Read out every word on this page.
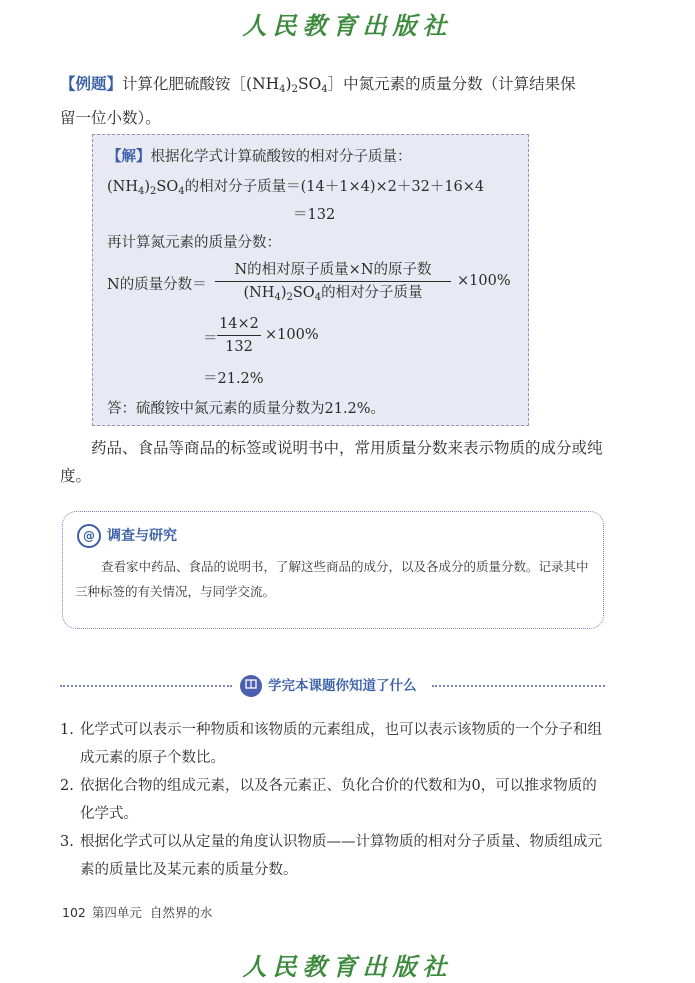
人民教育出版社
【例题】计算化肥硫酸铵$[(NH_4)_2SO_4]$中氮元素的质量分数（计算结果保
留一位小数）。
【解】根据化学式计算硫酸铵的相对分子质量：
$(NH_4)_2SO_4$的相对分子质量＝(14＋1×4)×2＋32＋16×4
＝132
再计算氮元素的质量分数：
N的质量分数＝
N的相对原子质量×N的原子数
$(NH_4)_2SO_4$的相对分子质量
×100%
＝
14×2
132
×100%
＝21.2%
答：硫酸铵中氮元素的质量分数为21.2%。
药品、食品等商品的标签或说明书中，常用质量分数来表示物质的成分或纯度。
@ 调查与研究
查看家中药品、食品的说明书，了解这些商品的成分，以及各成分的质量分数。记录其中三种标签的有关情况，与同学交流。
学完本课题你知道了什么
1. 化学式可以表示一种物质和该物质的元素组成，也可以表示该物质的一个分子和组成元素的原子个数比。
2. 依据化合物的组成元素，以及各元素正、负化合价的代数和为0，可以推求物质的化学式。
3. 根据化学式可以从定量的角度认识物质——计算物质的相对分子质量、物质组成元素的质量比及某元素的质量分数。
102 第四单元 自然界的水
人民教育出版社
